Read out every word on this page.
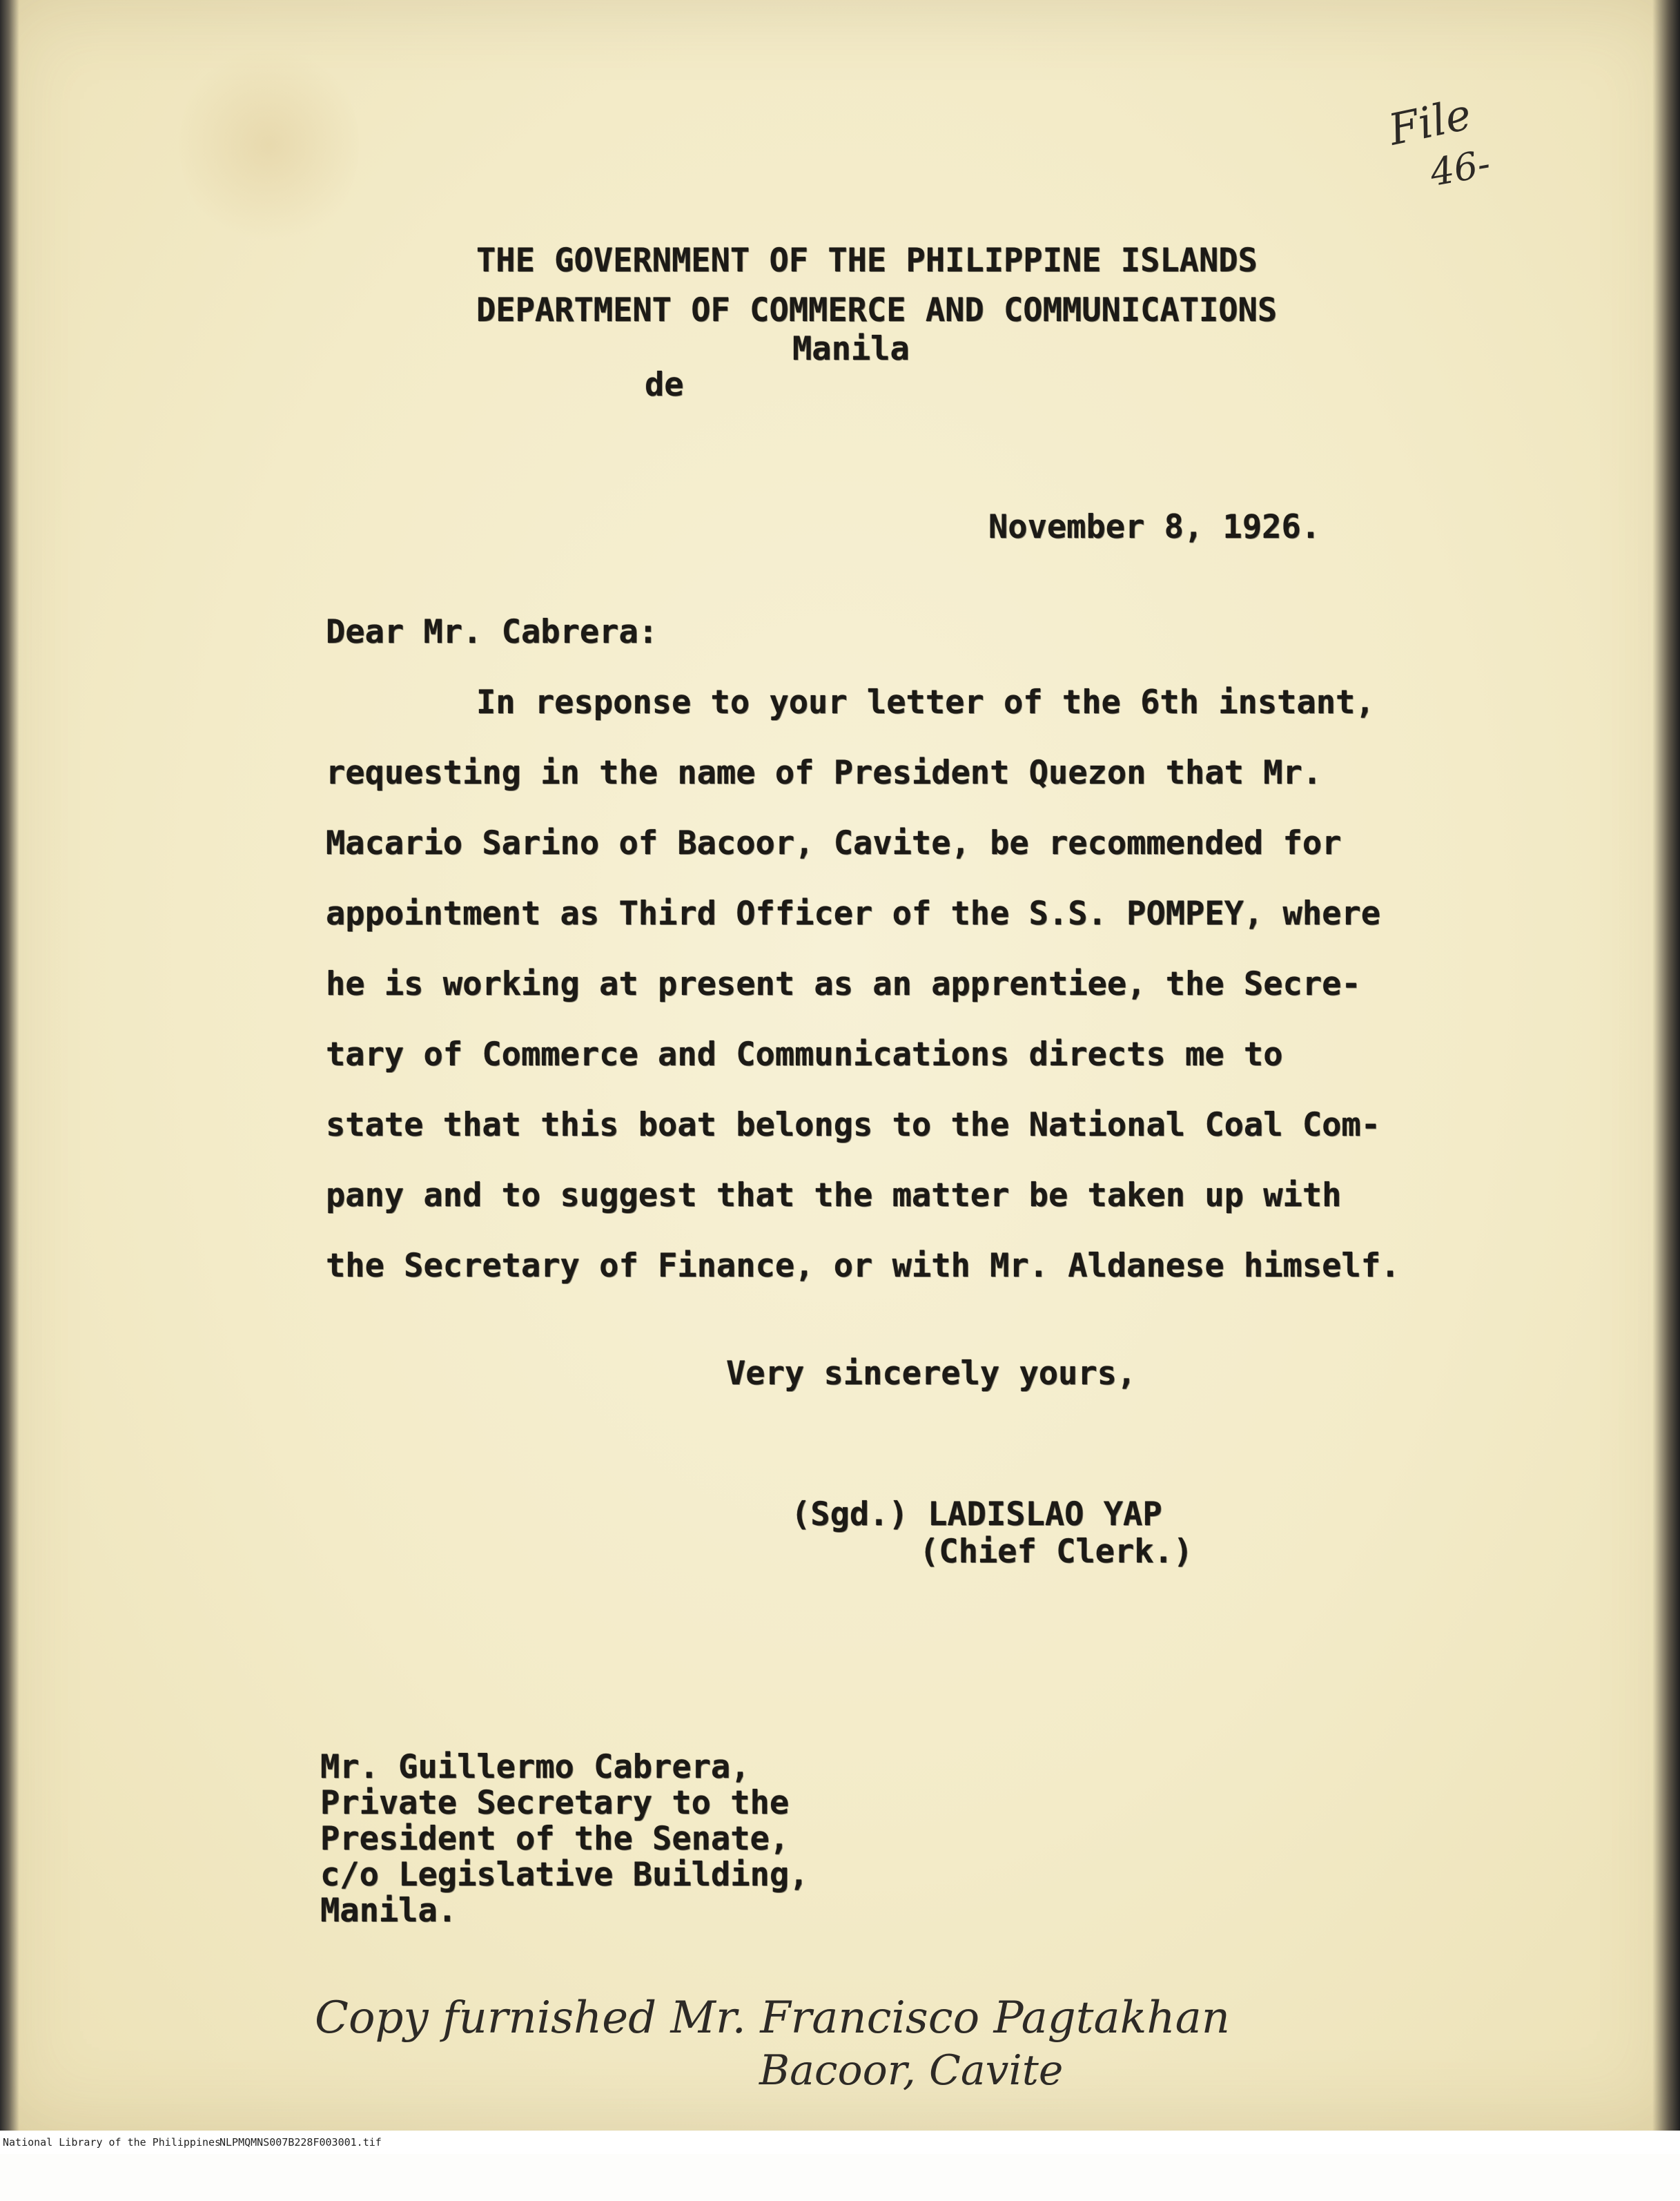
File

46-

THE GOVERNMENT OF THE PHILIPPINE ISLANDS

DEPARTMENT OF COMMERCE AND COMMUNICATIONS

Manila

de

November 8, 1926.

Dear Mr. Cabrera:

In response to your letter of the 6th instant,

requesting in the name of President Quezon that Mr.

Macario Sarino of Bacoor, Cavite, be recommended for

appointment as Third Officer of the S.S. POMPEY, where

he is working at present as an apprentiee, the Secre-

tary of Commerce and Communications directs me to

state that this boat belongs to the National Coal Com-

pany and to suggest that the matter be taken up with

the Secretary of Finance, or with Mr. Aldanese himself.

Very sincerely yours,

(Sgd.) LADISLAO YAP

(Chief Clerk.)

Mr. Guillermo Cabrera,

Private Secretary to the

President of the Senate,

c/o Legislative Building,

Manila.

Copy furnished Mr. Francisco Pagtakhan

Bacoor, Cavite

National Library of the Philippines

NLPMQMNS007B228F003001.tif
